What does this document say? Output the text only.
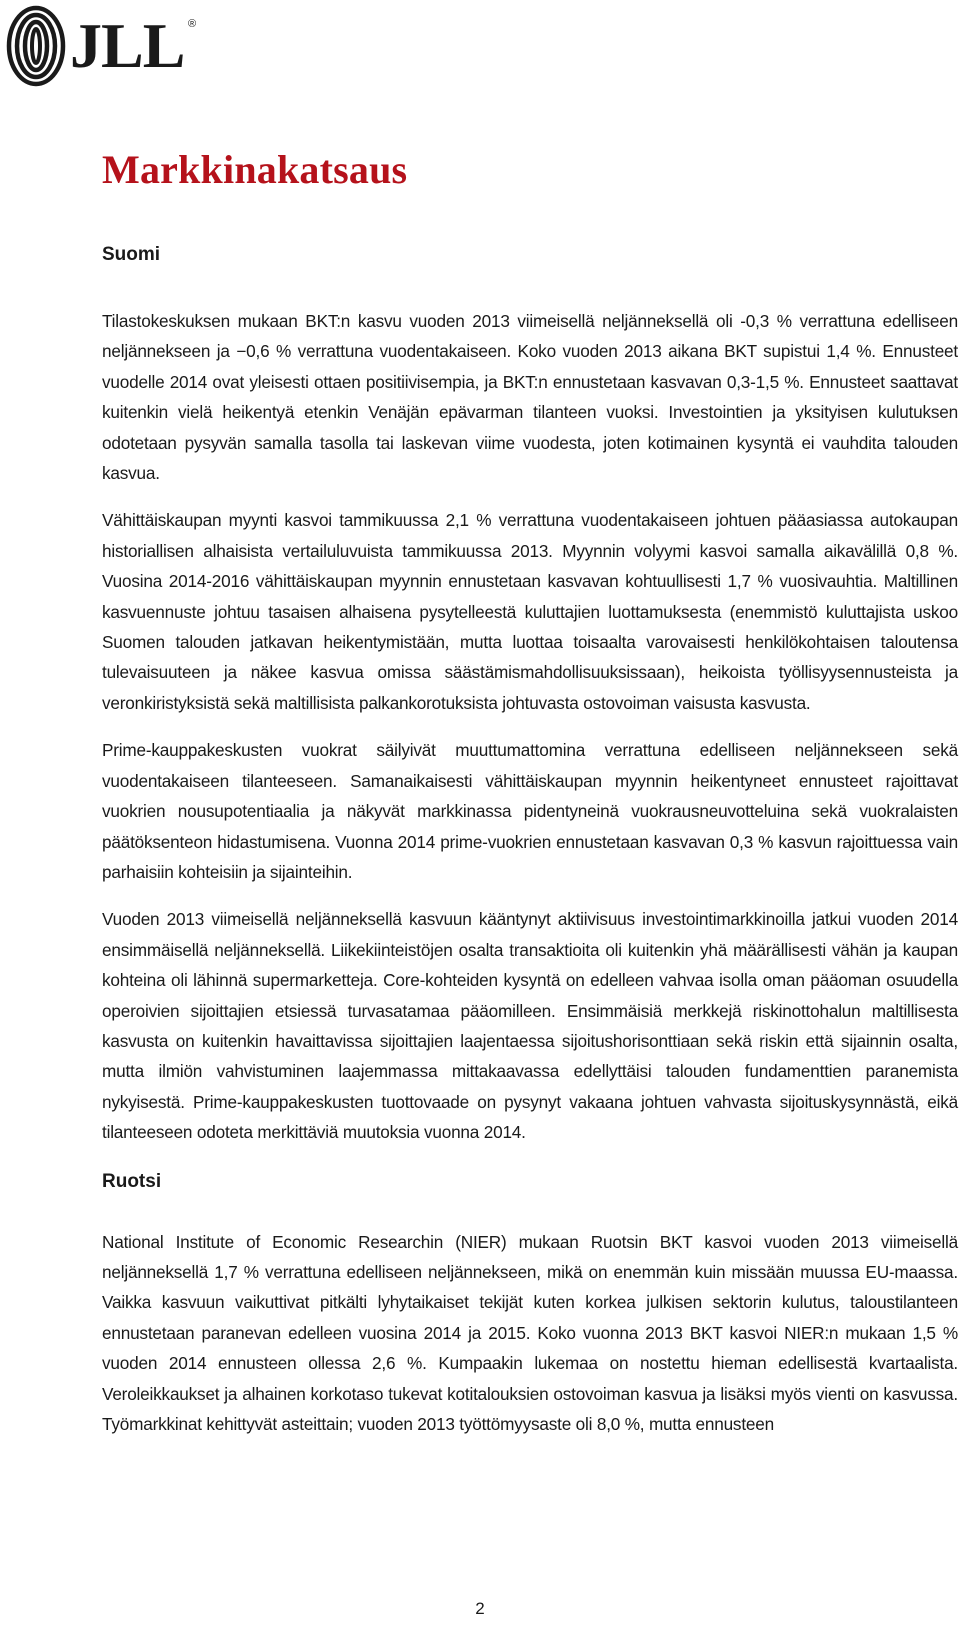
JLL ®
Markkinakatsaus
Suomi

Tilastokeskuksen mukaan BKT:n kasvu vuoden 2013 viimeisellä neljänneksellä oli -0,3 % verrattuna edelliseen neljännekseen ja −0,6 % verrattuna vuodentakaiseen. Koko vuoden 2013 aikana BKT supistui 1,4 %. Ennusteet vuodelle 2014 ovat yleisesti ottaen positiivisempia, ja BKT:n ennustetaan kasvavan 0,3-1,5 %. Ennusteet saattavat kuitenkin vielä heikentyä etenkin Venäjän epävarman tilanteen vuoksi. Investointien ja yksityisen kulutuksen odotetaan pysyvän samalla tasolla tai laskevan viime vuodesta, joten kotimainen kysyntä ei vauhdita talouden kasvua.

Vähittäiskaupan myynti kasvoi tammikuussa 2,1 % verrattuna vuodentakaiseen johtuen pääasiassa autokaupan historiallisen alhaisista vertailuluvuista tammikuussa 2013. Myynnin volyymi kasvoi samalla aikavälillä 0,8 %. Vuosina 2014-2016 vähittäiskaupan myynnin ennustetaan kasvavan kohtuullisesti 1,7 % vuosivauhtia. Maltillinen kasvuennuste johtuu tasaisen alhaisena pysytelleestä kuluttajien luottamuksesta (enemmistö kuluttajista uskoo Suomen talouden jatkavan heikentymistään, mutta luottaa toisaalta varovaisesti henkilökohtaisen taloutensa tulevaisuuteen ja näkee kasvua omissa säästämismahdollisuuksissaan), heikoista työllisyysennusteista ja veronkiristyksistä sekä maltillisista palkankorotuksista johtuvasta ostovoiman vaisusta kasvusta.

Prime-kauppakeskusten vuokrat säilyivät muuttumattomina verrattuna edelliseen neljännekseen sekä vuodentakaiseen tilanteeseen. Samanaikaisesti vähittäiskaupan myynnin heikentyneet ennusteet rajoittavat vuokrien nousupotentiaalia ja näkyvät markkinassa pidentyneinä vuokrausneuvotteluina sekä vuokralaisten päätöksenteon hidastumisena. Vuonna 2014 prime-vuokrien ennustetaan kasvavan 0,3 % kasvun rajoittuessa vain parhaisiin kohteisiin ja sijainteihin.

Vuoden 2013 viimeisellä neljänneksellä kasvuun kääntynyt aktiivisuus investointimarkkinoilla jatkui vuoden 2014 ensimmäisellä neljänneksellä. Liikekiinteistöjen osalta transaktioita oli kuitenkin yhä määrällisesti vähän ja kaupan kohteina oli lähinnä supermarketteja. Core-kohteiden kysyntä on edelleen vahvaa isolla oman pääoman osuudella operoivien sijoittajien etsiessä turvasatamaa pääomilleen. Ensimmäisiä merkkejä riskinottohalun maltillisesta kasvusta on kuitenkin havaittavissa sijoittajien laajentaessa sijoitushorisonttiaan sekä riskin että sijainnin osalta, mutta ilmiön vahvistuminen laajemmassa mittakaavassa edellyttäisi talouden fundamenttien paranemista nykyisestä. Prime-kauppakeskusten tuottovaade on pysynyt vakaana johtuen vahvasta sijoituskysynnästä, eikä tilanteeseen odoteta merkittäviä muutoksia vuonna 2014.

Ruotsi

National Institute of Economic Researchin (NIER) mukaan Ruotsin BKT kasvoi vuoden 2013 viimeisellä neljänneksellä 1,7 % verrattuna edelliseen neljännekseen, mikä on enemmän kuin missään muussa EU-maassa. Vaikka kasvuun vaikuttivat pitkälti lyhytaikaiset tekijät kuten korkea julkisen sektorin kulutus, taloustilanteen ennustetaan paranevan edelleen vuosina 2014 ja 2015. Koko vuonna 2013 BKT kasvoi NIER:n mukaan 1,5 % vuoden 2014 ennusteen ollessa 2,6 %. Kumpaakin lukemaa on nostettu hieman edellisestä kvartaalista. Veroleikkaukset ja alhainen korkotaso tukevat kotitalouksien ostovoiman kasvua ja lisäksi myös vienti on kasvussa. Työmarkkinat kehittyvät asteittain; vuoden 2013 työttömyysaste oli 8,0 %, mutta ennusteen

2
